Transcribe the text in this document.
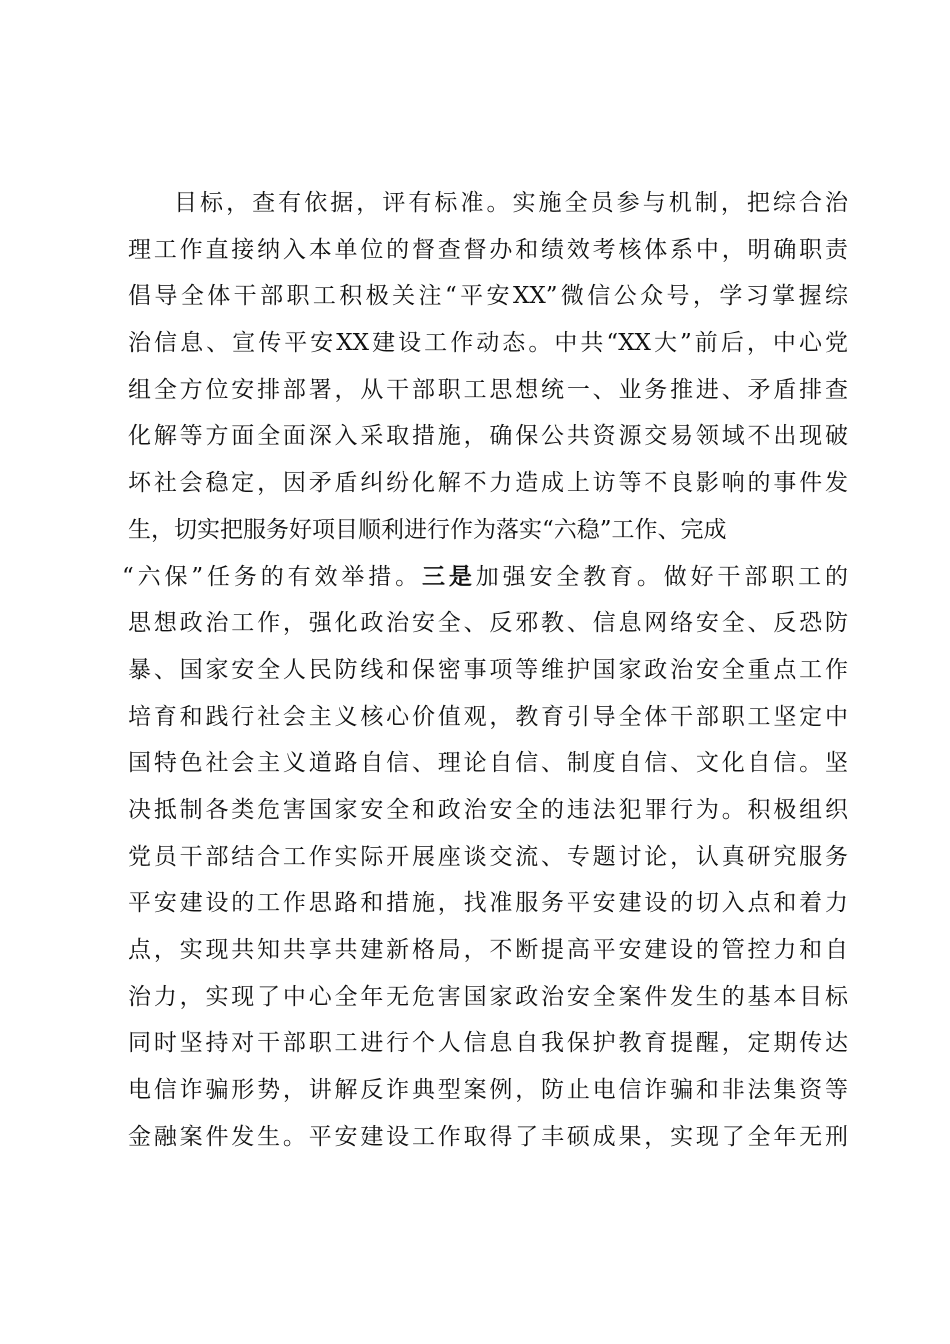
目标，查有依据，评有标准。实施全员参与机制，把综合治
理工作直接纳入本单位的督查督办和绩效考核体系中，明确职责
倡导全体干部职工积极关注“平安XX”微信公众号，学习掌握综
治信息、宣传平安XX建设工作动态。中共“XX大”前后，中心党
组全方位安排部署，从干部职工思想统一、业务推进、矛盾排查
化解等方面全面深入采取措施，确保公共资源交易领域不出现破
坏社会稳定，因矛盾纠纷化解不力造成上访等不良影响的事件发
生，切实把服务好项目顺利进行作为落实“六稳”工作、完成
“六保”任务的有效举措。三是加强安全教育。做好干部职工的
思想政治工作，强化政治安全、反邪教、信息网络安全、反恐防
暴、国家安全人民防线和保密事项等维护国家政治安全重点工作
培育和践行社会主义核心价值观，教育引导全体干部职工坚定中
国特色社会主义道路自信、理论自信、制度自信、文化自信。坚
决抵制各类危害国家安全和政治安全的违法犯罪行为。积极组织
党员干部结合工作实际开展座谈交流、专题讨论，认真研究服务
平安建设的工作思路和措施，找准服务平安建设的切入点和着力
点，实现共知共享共建新格局，不断提高平安建设的管控力和自
治力，实现了中心全年无危害国家政治安全案件发生的基本目标
同时坚持对干部职工进行个人信息自我保护教育提醒，定期传达
电信诈骗形势，讲解反诈典型案例，防止电信诈骗和非法集资等
金融案件发生。平安建设工作取得了丰硕成果，实现了全年无刑
